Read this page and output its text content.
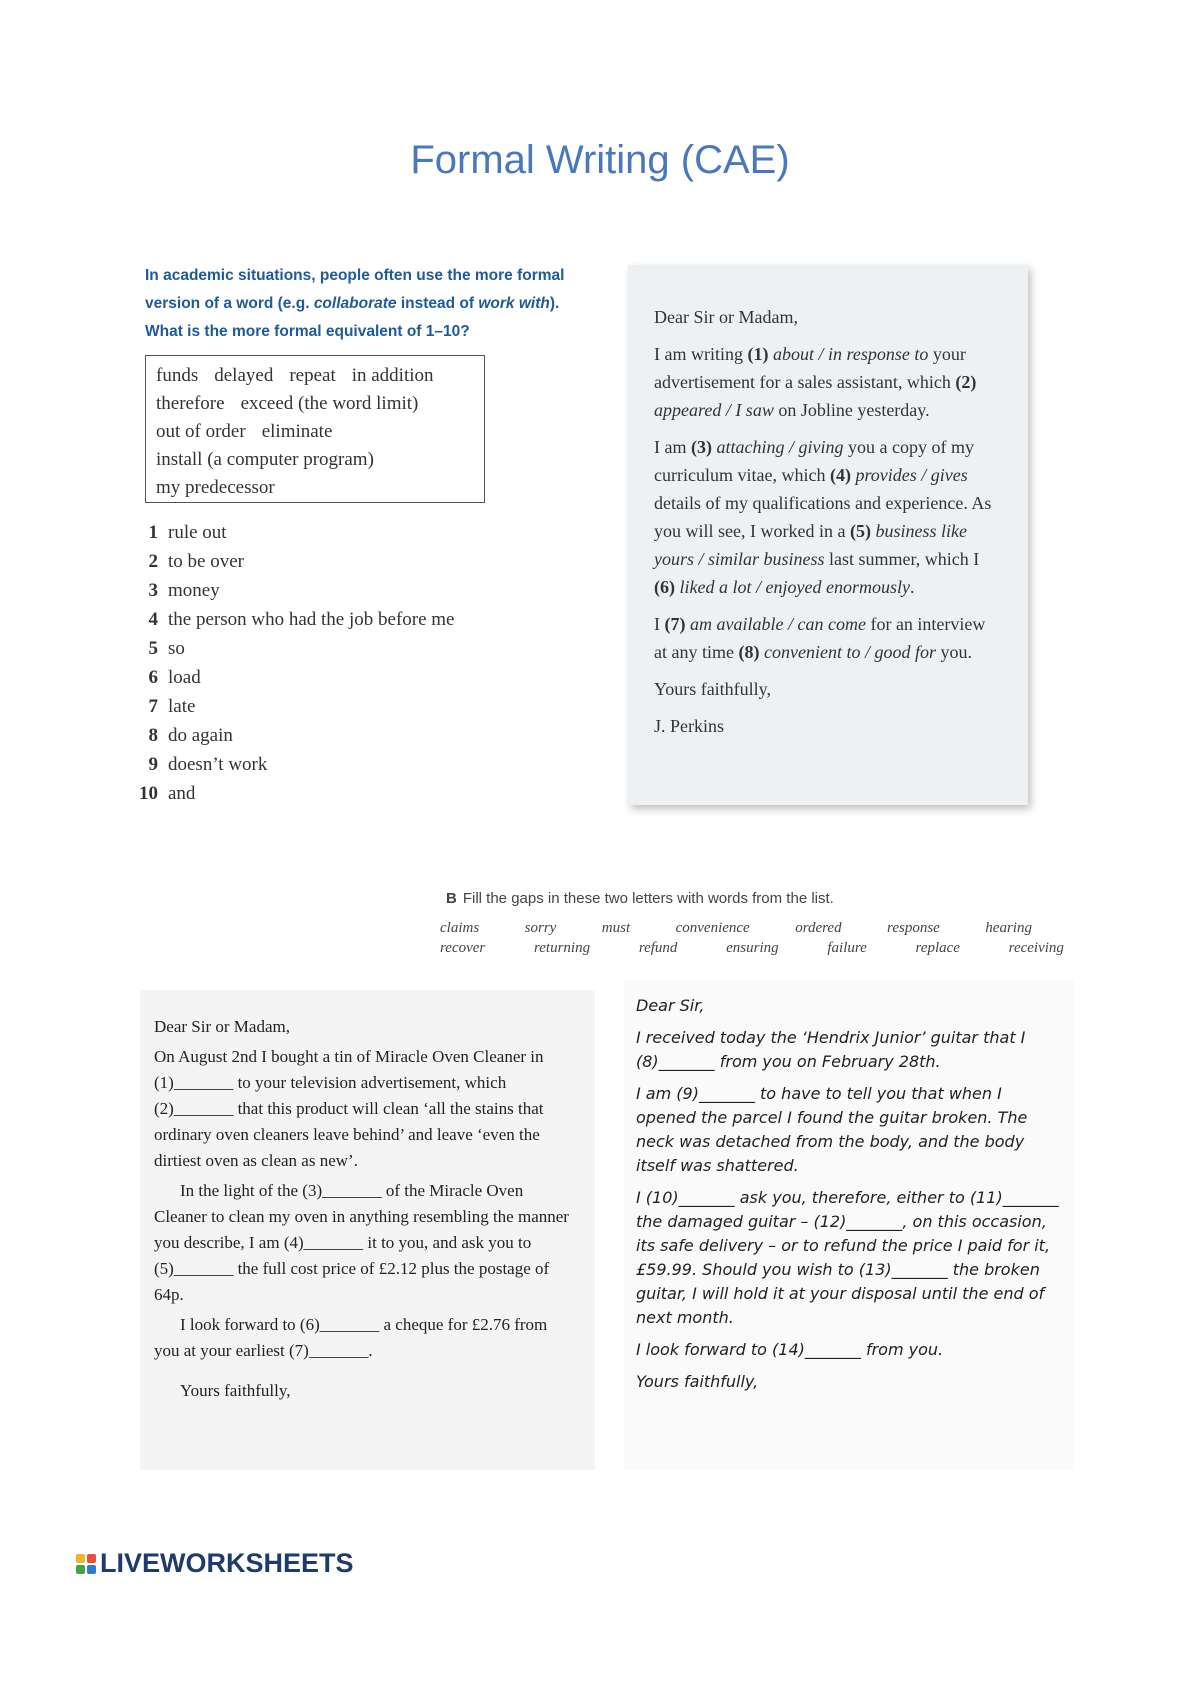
Formal Writing (CAE)
In academic situations, people often use the more formal
version of a word (e.g. collaborate instead of work with).
What is the more formal equivalent of 1–10?
funds delayed repeat in addition
therefore exceed (the word limit)
out of order eliminate
install (a computer program)
my predecessor
1 rule out
2 to be over
3 money
4 the person who had the job before me
5 so
6 load
7 late
8 do again
9 doesn’t work
10 and

Dear Sir or Madam,

I am writing (1) about / in response to your advertisement for a sales assistant, which (2) appeared / I saw on Jobline yesterday.

I am (3) attaching / giving you a copy of my curriculum vitae, which (4) provides / gives details of my qualifications and experience. As you will see, I worked in a (5) business like yours / similar business last summer, which I (6) liked a lot / enjoyed enormously.

I (7) am available / can come for an interview at any time (8) convenient to / good for you.

Yours faithfully,

J. Perkins

B Fill the gaps in these two letters with words from the list.
claims	sorry	must	convenience	ordered	response	hearing
recover	returning	refund	ensuring	failure	replace	receiving

Dear Sir or Madam,

On August 2nd I bought a tin of Miracle Oven Cleaner in (1)_______ to your television advertisement, which (2)_______ that this product will clean ‘all the stains that ordinary oven cleaners leave behind’ and leave ‘even the dirtiest oven as clean as new’.

In the light of the (3)_______ of the Miracle Oven Cleaner to clean my oven in anything resembling the manner you describe, I am (4)_______ it to you, and ask you to (5)_______ the full cost price of £2.12 plus the postage of 64p.

I look forward to (6)_______ a cheque for £2.76 from you at your earliest (7)_______.

Yours faithfully,

Dear Sir,

I received today the ‘Hendrix Junior’ guitar that I (8)_______ from you on February 28th.

I am (9)_______ to have to tell you that when I opened the parcel I found the guitar broken. The neck was detached from the body, and the body itself was shattered.

I (10)_______ ask you, therefore, either to (11)_______ the damaged guitar – (12)_______, on this occasion, its safe delivery – or to refund the price I paid for it, £59.99. Should you wish to (13)_______ the broken guitar, I will hold it at your disposal until the end of next month.

I look forward to (14)_______ from you.

Yours faithfully,

LIVEWORKSHEETS
